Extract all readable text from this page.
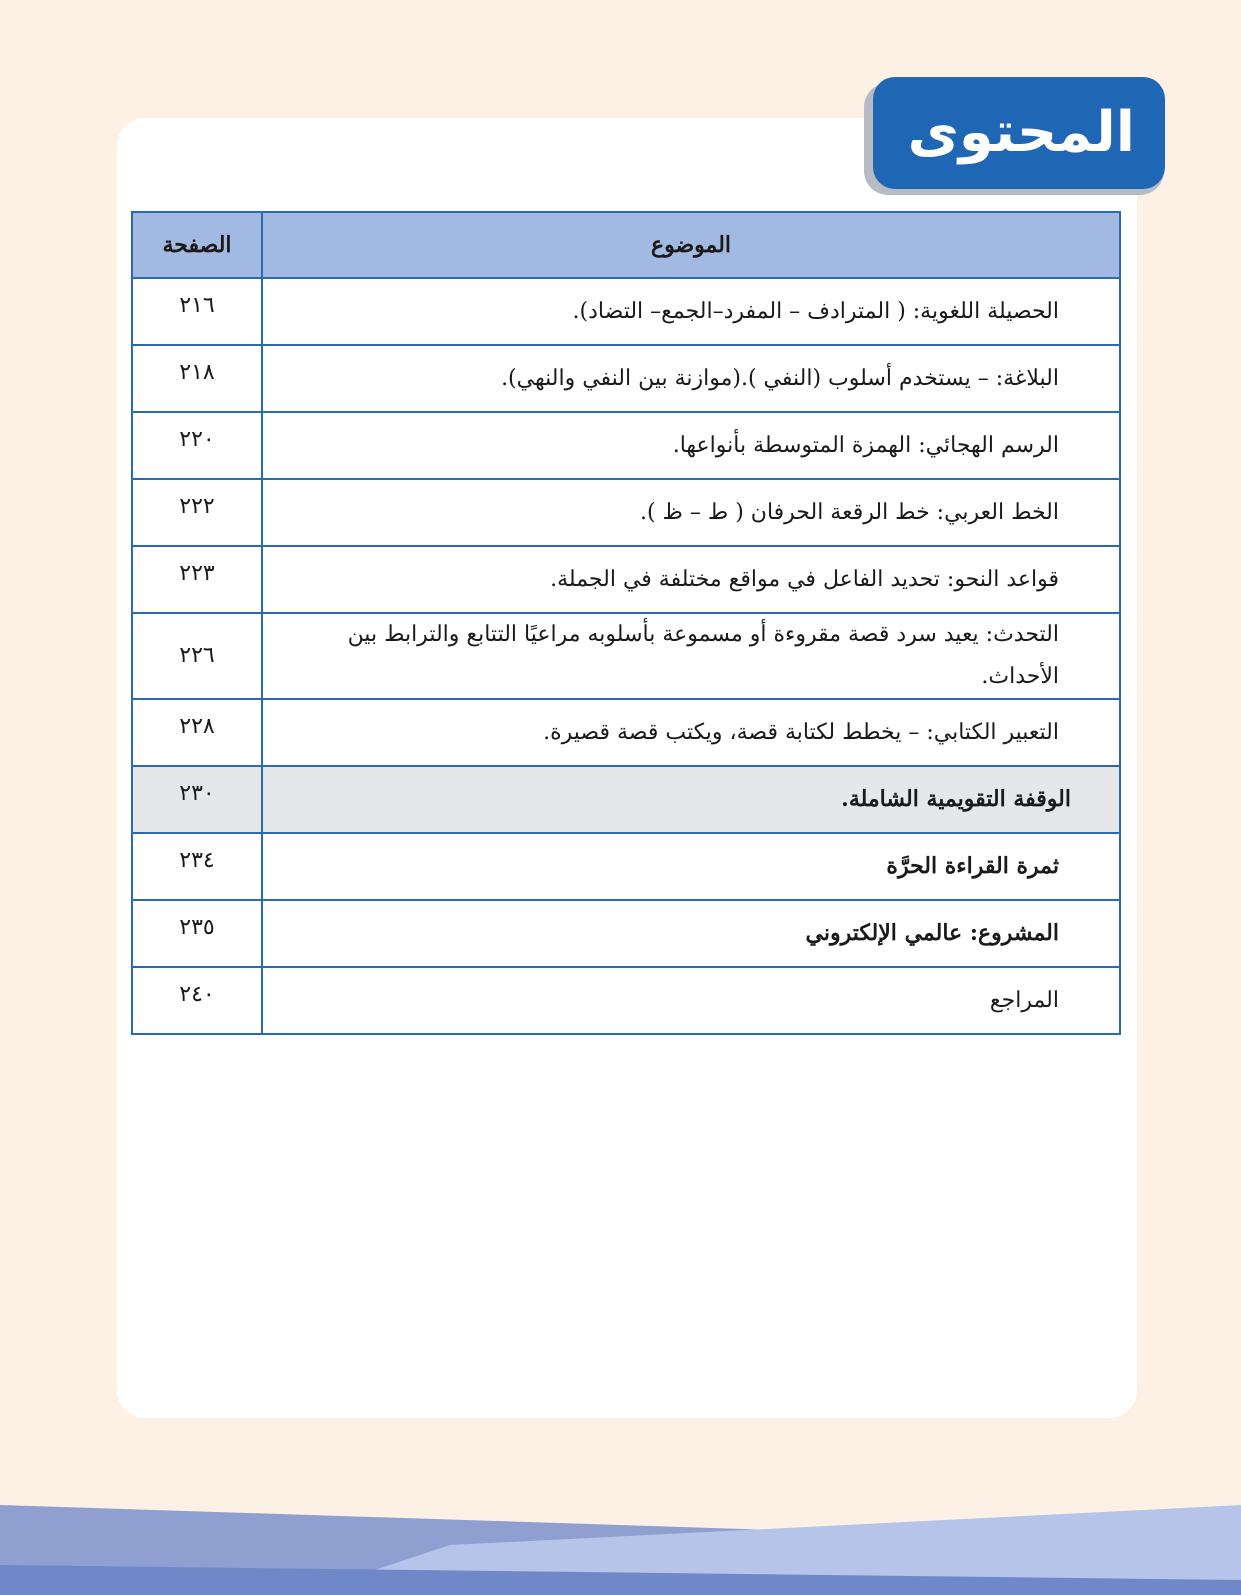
المحتوى
الموضوع	الصفحة
الحصيلة اللغوية: ( المترادف – المفرد–الجمع– التضاد).	٢١٦
البلاغة: – يستخدم أسلوب (النفي ).(موازنة بين النفي والنهي).	٢١٨
الرسم الهجائي: الهمزة المتوسطة بأنواعها.	٢٢٠
الخط العربي: خط الرقعة الحرفان ( ط – ظ ).	٢٢٢
قواعد النحو: تحديد الفاعل في مواقع مختلفة في الجملة.	٢٢٣
التحدث: يعيد سرد قصة مقروءة أو مسموعة بأسلوبه مراعيًا التتابع والترابط بين الأحداث.	٢٢٦
التعبير الكتابي: – يخطط لكتابة قصة، ويكتب قصة قصيرة.	٢٢٨
الوقفة التقويمية الشاملة.	٢٣٠
ثمرة القراءة الحرَّة	٢٣٤
المشروع: عالمي الإلكتروني	٢٣٥
المراجع	٢٤٠
